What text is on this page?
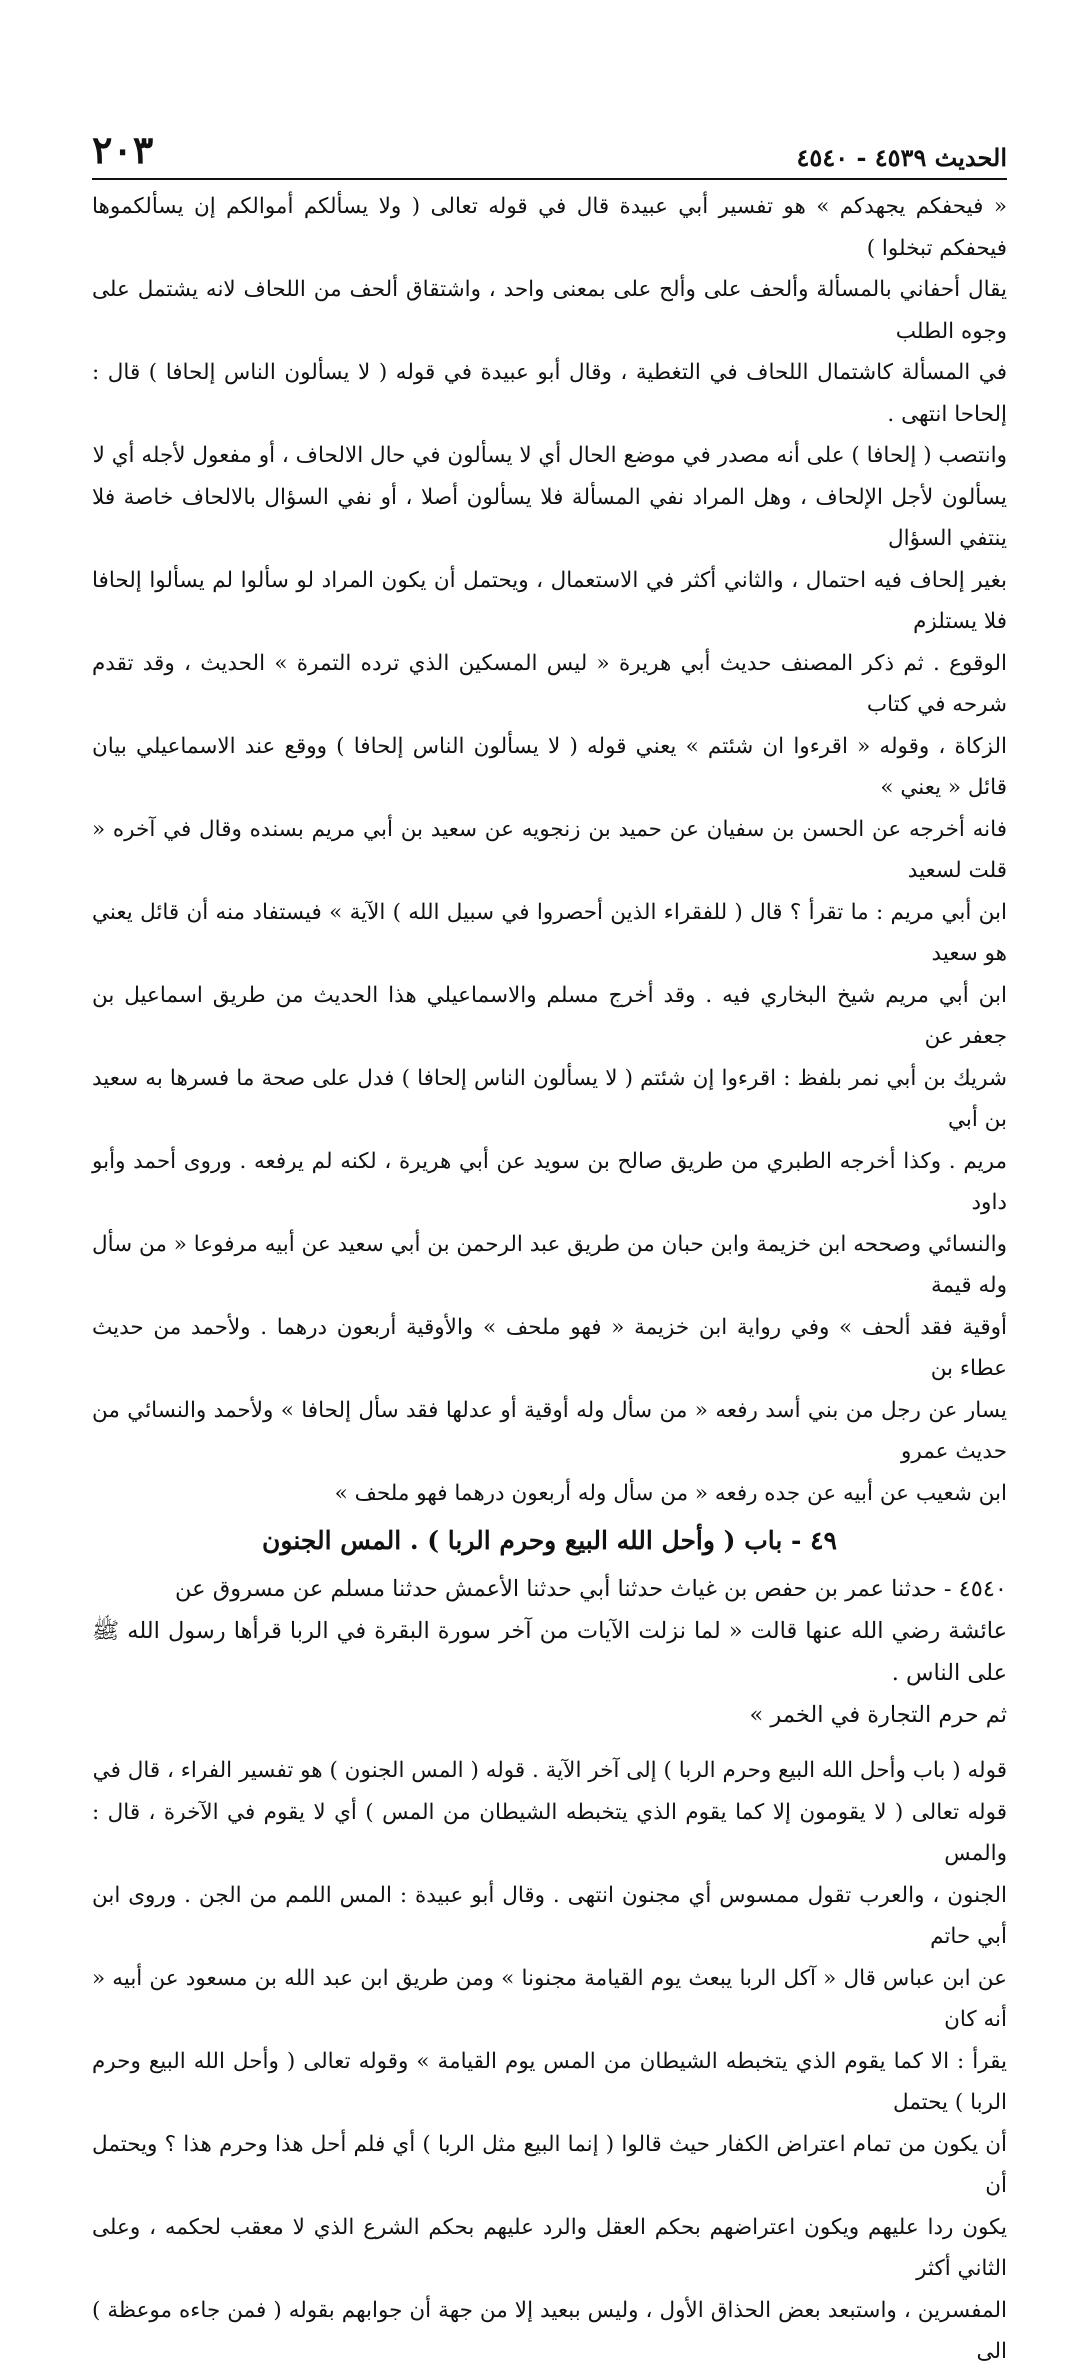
الحديث ٤٥٣٩ - ٤٥٤٠
٢٠٣

« فيحفكم يجهدكم » هو تفسير أبي عبيدة قال في قوله تعالى ( ولا يسألكم أموالكم إن يسألكموها فيحفكم تبخلوا )

يقال أحفاني بالمسألة وألحف على وألح على بمعنى واحد ، واشتقاق ألحف من اللحاف لانه يشتمل على وجوه الطلب

في المسألة كاشتمال اللحاف في التغطية ، وقال أبو عبيدة في قوله ( لا يسألون الناس إلحافا ) قال : إلحاحا انتهى .

وانتصب ( إلحافا ) على أنه مصدر في موضع الحال أي لا يسألون في حال الالحاف ، أو مفعول لأجله أي لا

يسألون لأجل الإلحاف ، وهل المراد نفي المسألة فلا يسألون أصلا ، أو نفي السؤال بالالحاف خاصة فلا ينتفي السؤال

بغير إلحاف فيه احتمال ، والثاني أكثر في الاستعمال ، ويحتمل أن يكون المراد لو سألوا لم يسألوا إلحافا فلا يستلزم

الوقوع . ثم ذكر المصنف حديث أبي هريرة « ليس المسكين الذي ترده التمرة » الحديث ، وقد تقدم شرحه في كتاب

الزكاة ، وقوله « اقرءوا ان شئتم » يعني قوله ( لا يسألون الناس إلحافا ) ووقع عند الاسماعيلي بيان قائل « يعني »

فانه أخرجه عن الحسن بن سفيان عن حميد بن زنجويه عن سعيد بن أبي مريم بسنده وقال في آخره « قلت لسعيد

ابن أبي مريم : ما تقرأ ؟ قال ( للفقراء الذين أحصروا في سبيل الله ) الآية » فيستفاد منه أن قائل يعني هو سعيد

ابن أبي مريم شيخ البخاري فيه . وقد أخرج مسلم والاسماعيلي هذا الحديث من طريق اسماعيل بن جعفر عن

شريك بن أبي نمر بلفظ : اقرءوا إن شئتم ( لا يسألون الناس إلحافا ) فدل على صحة ما فسرها به سعيد بن أبي

مريم . وكذا أخرجه الطبري من طريق صالح بن سويد عن أبي هريرة ، لكنه لم يرفعه . وروى أحمد وأبو داود

والنسائي وصححه ابن خزيمة وابن حبان من طريق عبد الرحمن بن أبي سعيد عن أبيه مرفوعا « من سأل وله قيمة

أوقية فقد ألحف » وفي رواية ابن خزيمة « فهو ملحف » والأوقية أربعون درهما . ولأحمد من حديث عطاء بن

يسار عن رجل من بني أسد رفعه « من سأل وله أوقية أو عدلها فقد سأل إلحافا » ولأحمد والنسائي من حديث عمرو

ابن شعيب عن أبيه عن جده رفعه « من سأل وله أربعون درهما فهو ملحف »

٤٩ - باب ( وأحل الله البيع وحرم الربا ) . المس الجنون

٤٥٤٠ - حدثنا عمر بن حفص بن غياث حدثنا أبي حدثنا الأعمش حدثنا مسلم عن مسروق عن

عائشة رضي الله عنها قالت « لما نزلت الآيات من آخر سورة البقرة في الربا قرأها رسول الله ﷺ على الناس .

ثم حرم التجارة في الخمر »

قوله ( باب وأحل الله البيع وحرم الربا ) إلى آخر الآية . قوله ( المس الجنون ) هو تفسير الفراء ، قال في

قوله تعالى ( لا يقومون إلا كما يقوم الذي يتخبطه الشيطان من المس ) أي لا يقوم في الآخرة ، قال : والمس

الجنون ، والعرب تقول ممسوس أي مجنون انتهى . وقال أبو عبيدة : المس اللمم من الجن . وروى ابن أبي حاتم

عن ابن عباس قال « آكل الربا يبعث يوم القيامة مجنونا » ومن طريق ابن عبد الله بن مسعود عن أبيه « أنه كان

يقرأ : الا كما يقوم الذي يتخبطه الشيطان من المس يوم القيامة » وقوله تعالى ( وأحل الله البيع وحرم الربا ) يحتمل

أن يكون من تمام اعتراض الكفار حيث قالوا ( إنما البيع مثل الربا ) أي فلم أحل هذا وحرم هذا ؟ ويحتمل أن

يكون ردا عليهم ويكون اعتراضهم بحكم العقل والرد عليهم بحكم الشرع الذي لا معقب لحكمه ، وعلى الثاني أكثر

المفسرين ، واستبعد بعض الحذاق الأول ، وليس ببعيد إلا من جهة أن جوابهم بقوله ( فمن جاءه موعظة ) الى
